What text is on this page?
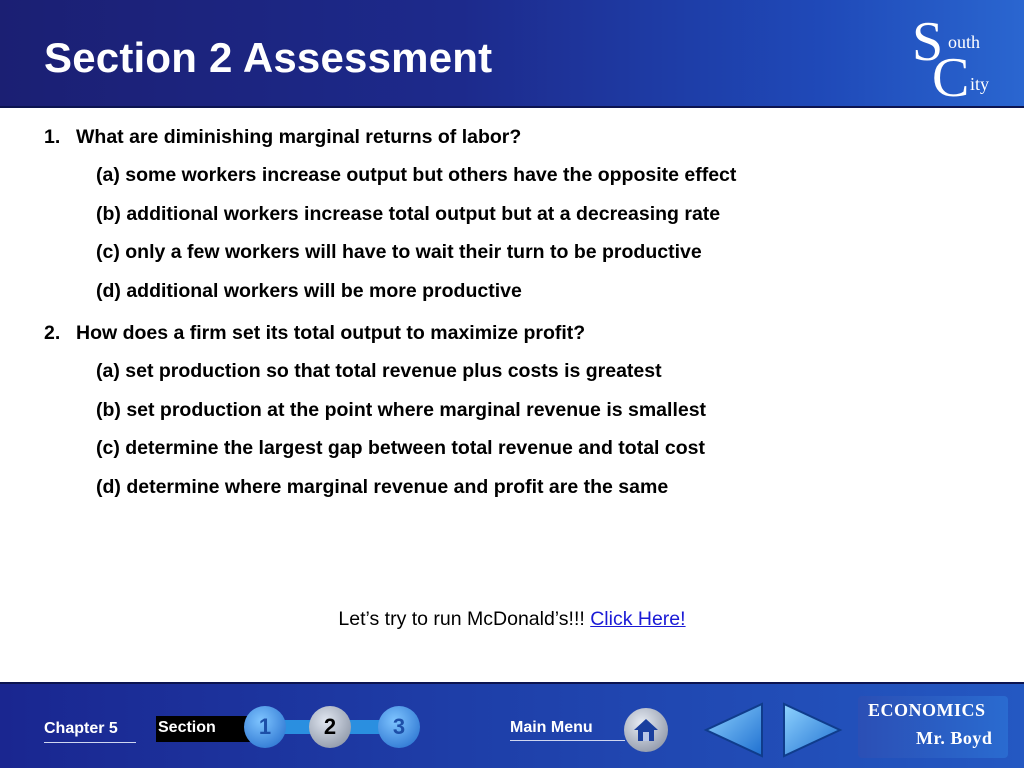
Section 2 Assessment	S outh
C ity
1. What are diminishing marginal returns of labor?
(a) some workers increase output but others have the opposite effect
(b) additional workers increase total output but at a decreasing rate
(c) only a few workers will have to wait their turn to be productive
(d) additional workers will be more productive
2. How does a firm set its total output to maximize profit?
(a) set production so that total revenue plus costs is greatest
(b) set production at the point where marginal revenue is smallest
(c) determine the largest gap between total revenue and total cost
(d) determine where marginal revenue and profit are the same
Let’s try to run McDonald’s!!! Click Here!
Chapter 5	Section	1	2	3	Main Menu
ECONOMICS
Mr. Boyd
